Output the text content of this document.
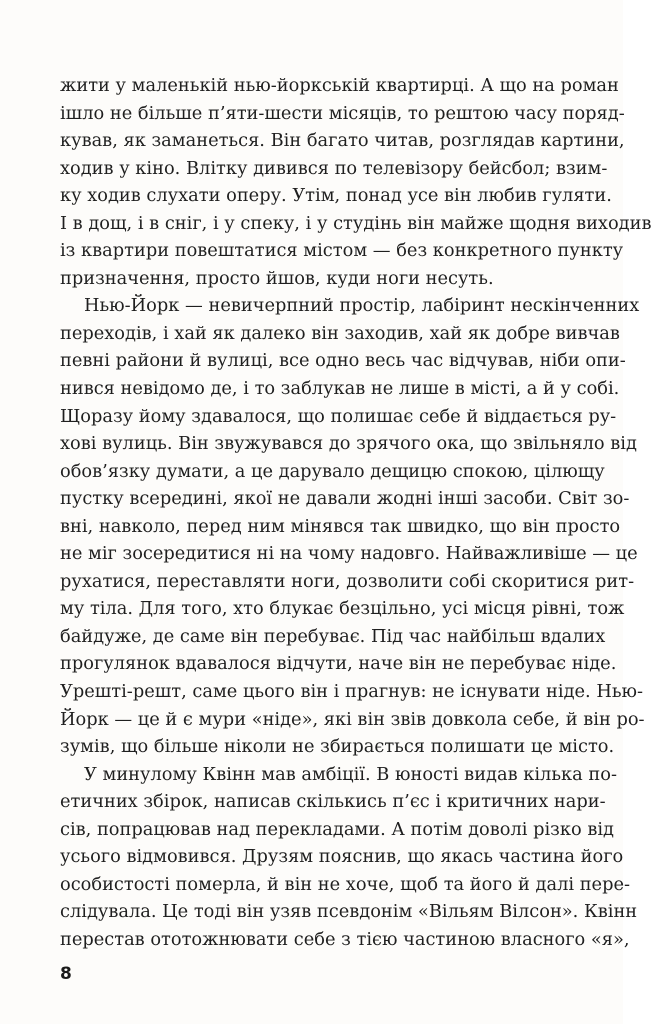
жити у маленькій нью-йоркській квартирці. А що на роман
ішло не більше п’яти-шести місяців, то рештою часу поряд-
кував, як заманеться. Він багато читав, розглядав картини,
ходив у кіно. Влітку дивився по телевізору бейсбол; взим-
ку ходив слухати оперу. Утім, понад усе він любив гуляти.
І в дощ, і в сніг, і у спеку, і у студінь він майже щодня виходив
із квартири повештатися містом — без конкретного пункту
призначення, просто йшов, куди ноги несуть.
Нью-Йорк — невичерпний простір, лабіринт нескінченних
переходів, і хай як далеко він заходив, хай як добре вивчав
певні райони й вулиці, все одно весь час відчував, ніби опи-
нився невідомо де, і то заблукав не лише в місті, а й у собі.
Щоразу йому здавалося, що полишає себе й віддається ру-
хові вулиць. Він звужувався до зрячого ока, що звільняло від
обов’язку думати, а це дарувало дещицю спокою, цілющу
пустку всередині, якої не давали жодні інші засоби. Світ зо-
вні, навколо, перед ним мінявся так швидко, що він просто
не міг зосередитися ні на чому надовго. Найважливіше — це
рухатися, переставляти ноги, дозволити собі скоритися рит-
му тіла. Для того, хто блукає безцільно, усі місця рівні, тож
байдуже, де саме він перебуває. Під час найбільш вдалих
прогулянок вдавалося відчути, наче він не перебуває ніде.
Урешті-решт, саме цього він і прагнув: не існувати ніде. Нью-
Йорк — це й є мури «ніде», які він звів довкола себе, й він ро-
зумів, що більше ніколи не збирається полишати це місто.
У минулому Квінн мав амбіції. В юності видав кілька по-
етичних збірок, написав скількись п’єс і критичних нари-
сів, попрацював над перекладами. А потім доволі різко від
усього відмовився. Друзям пояснив, що якась частина його
особистості померла, й він не хоче, щоб та його й далі пере-
слідувала. Це тоді він узяв псевдонім «Вільям Вілсон». Квінн
перестав ототожнювати себе з тією частиною власного «я»,
8
